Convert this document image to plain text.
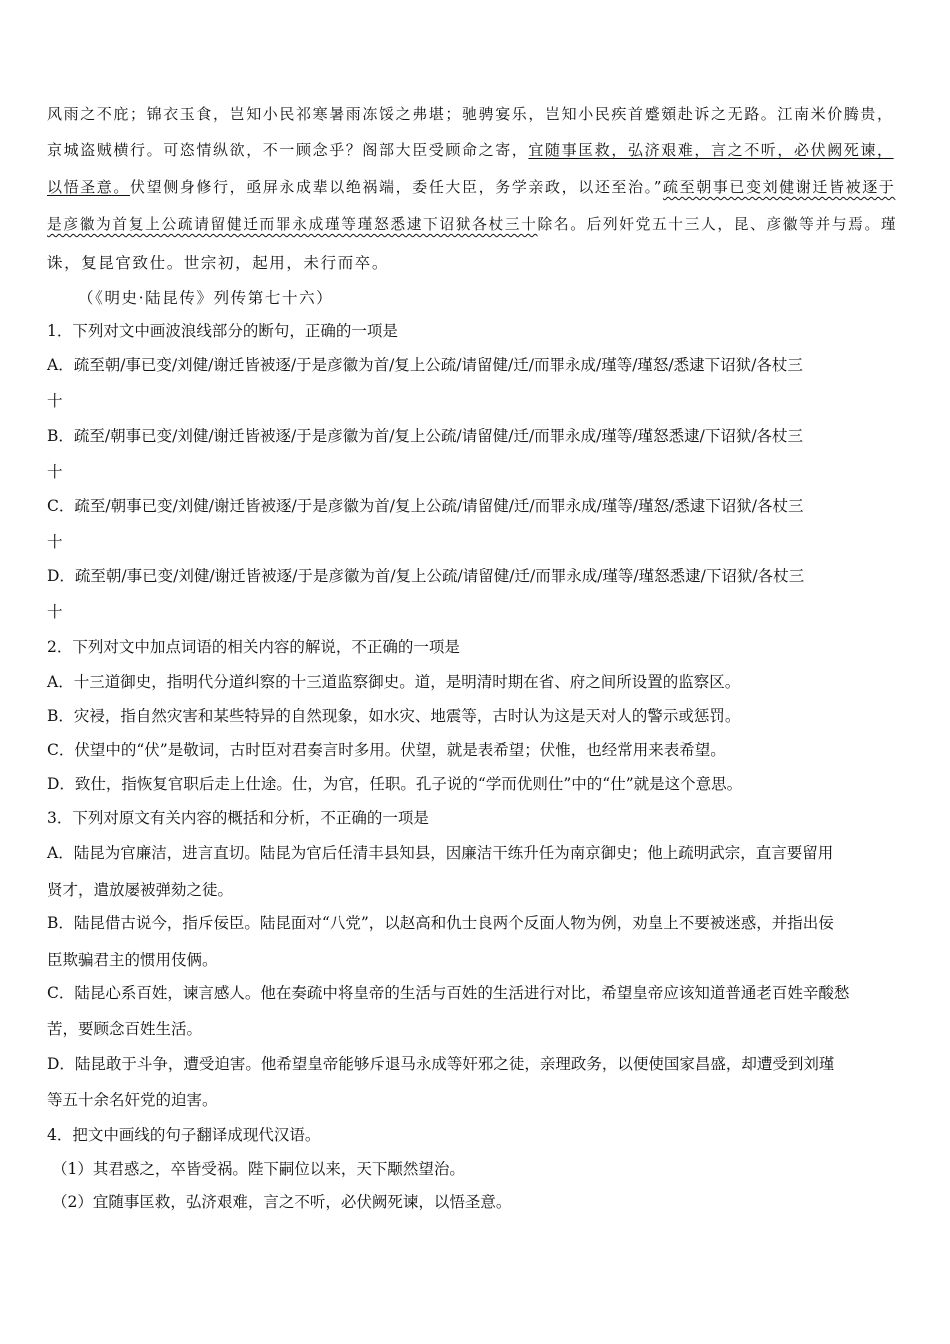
风雨之不庇；锦衣玉食，岂知小民祁寒暑雨冻馁之弗堪；驰骋宴乐，岂知小民疾首蹙頞赴诉之无路。江南米价腾贵，
京城盗贼横行。可恣情纵欲，不一顾念乎？阁部大臣受顾命之寄，宜随事匡救，弘济艰难，言之不听，必伏阙死谏，
以悟圣意。伏望侧身修行，亟屏永成辈以绝祸端，委任大臣，务学亲政，以还至治。”疏至朝事已变刘健谢迁皆被逐于
是彦徽为首复上公疏请留健迁而罪永成瑾等瑾怒悉逮下诏狱各杖三十除名。后列奸党五十三人，昆、彦徽等并与焉。瑾
诛，复昆官致仕。世宗初，起用，未行而卒。
（《明史·陆昆传》列传第七十六）
1．下列对文中画波浪线部分的断句，正确的一项是
A．疏至朝/事已变/刘健/谢迁皆被逐/于是彦徽为首/复上公疏/请留健/迁/而罪永成/瑾等/瑾怒/悉逮下诏狱/各杖三
十
B．疏至/朝事已变/刘健/谢迁皆被逐/于是彦徽为首/复上公疏/请留健/迁/而罪永成/瑾等/瑾怒悉逮/下诏狱/各杖三
十
C．疏至/朝事已变/刘健/谢迁皆被逐/于是彦徽为首/复上公疏/请留健/迁/而罪永成/瑾等/瑾怒/悉逮下诏狱/各杖三
十
D．疏至朝/事已变/刘健/谢迁皆被逐/于是彦徽为首/复上公疏/请留健/迁/而罪永成/瑾等/瑾怒悉逮/下诏狱/各杖三
十
2．下列对文中加点词语的相关内容的解说，不正确的一项是
A．十三道御史，指明代分道纠察的十三道监察御史。道，是明清时期在省、府之间所设置的监察区。
B．灾祲，指自然灾害和某些特异的自然现象，如水灾、地震等，古时认为这是天对人的警示或惩罚。
C．伏望中的“伏”是敬词，古时臣对君奏言时多用。伏望，就是表希望；伏惟，也经常用来表希望。
D．致仕，指恢复官职后走上仕途。仕，为官，任职。孔子说的“学而优则仕”中的“仕”就是这个意思。
3．下列对原文有关内容的概括和分析，不正确的一项是
A．陆昆为官廉洁，进言直切。陆昆为官后任清丰县知县，因廉洁干练升任为南京御史；他上疏明武宗，直言要留用
贤才，遣放屡被弹劾之徒。
B．陆昆借古说今，指斥佞臣。陆昆面对“八党”，以赵高和仇士良两个反面人物为例，劝皇上不要被迷惑，并指出佞
臣欺骗君主的惯用伎俩。
C．陆昆心系百姓，谏言感人。他在奏疏中将皇帝的生活与百姓的生活进行对比，希望皇帝应该知道普通老百姓辛酸愁
苦，要顾念百姓生活。
D．陆昆敢于斗争，遭受迫害。他希望皇帝能够斥退马永成等奸邪之徒，亲理政务，以便使国家昌盛，却遭受到刘瑾
等五十余名奸党的迫害。
4．把文中画线的句子翻译成现代汉语。
（1）其君惑之，卒皆受祸。陛下嗣位以来，天下颙然望治。
（2）宜随事匡救，弘济艰难，言之不听，必伏阙死谏，以悟圣意。
